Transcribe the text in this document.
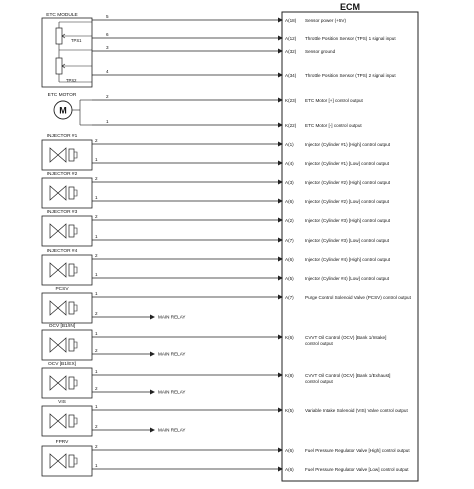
ECM
A(18) Sensor power (+5V)
A(12) Throttle Position Sensor (TPS) 1 signal input
A(32) Sensor ground
A(34) Throttle Position Sensor (TPS) 2 signal input
K(23) ETC Motor [+] control output
K(22) ETC Motor [-] control output
A(1) Injector (Cylinder #1) [High] control output
A(4) Injector (Cylinder #1) [Low] control output
A(3) Injector (Cylinder #2) [High] control output
A(6) Injector (Cylinder #2) [Low] control output
A(2) Injector (Cylinder #3) [High] control output
A(7) Injector (Cylinder #3) [Low] control output
A(6) Injector (Cylinder #4) [High] control output
A(5) Injector (Cylinder #4) [Low] control output
A(7) Purge Control Solenoid Valve (PCSV) control output
K(6) CVVT Oil Control (OCV) [Bank 1/Intake]
control output
K(8) CVVT Oil Control (OCV) [Bank 1/Exhaust]
control output
K(5) Variable Intake Solenoid (VIS) Valve control output
A(6) Fuel Pressure Regulator Valve [High] control output
A(6) Fuel Pressure Regulator Valve [Low] control output
ETC MODULE
TPS1
TPS2
5
6
3
4
ETC MOTOR
M
2
1
INJECTOR #1
2
1
INJECTOR #2
2
1
INJECTOR #3
2
1
INJECTOR #4
2
1
FPRV
2
1
PCSV
1
2
MAIN RELAY
OCV [B1/IN]
1
2
MAIN RELAY
OCV [B1/EX]
1
2
MAIN RELAY
VIS
1
2
MAIN RELAY
